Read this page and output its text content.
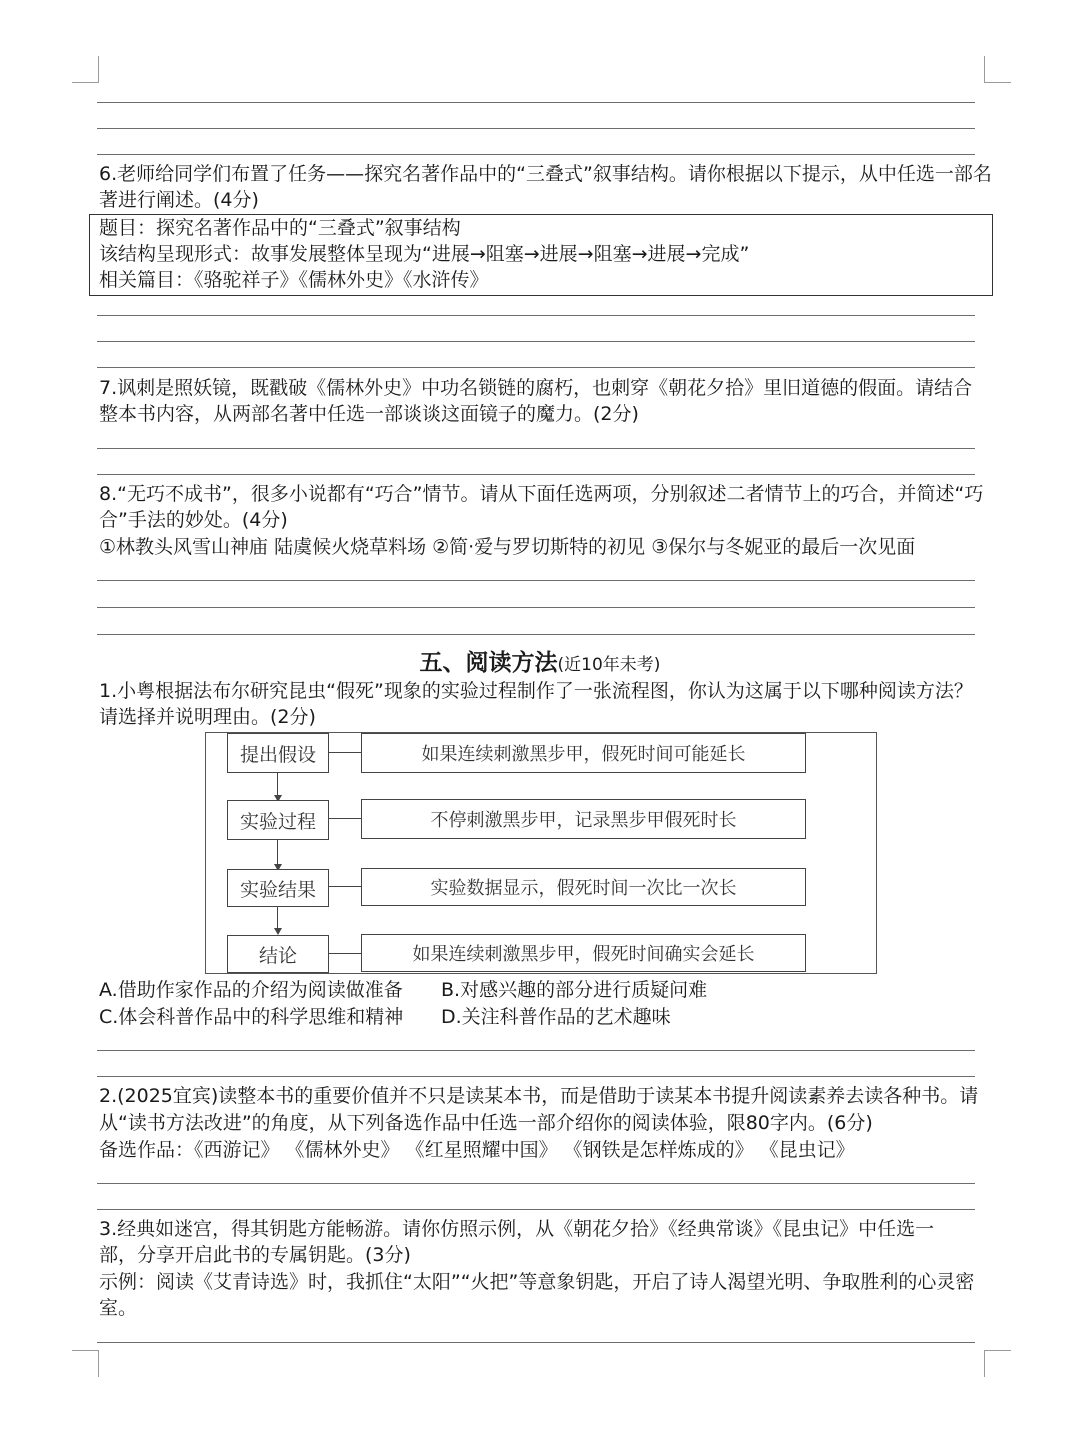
6.老师给同学们布置了任务——探究名著作品中的“三叠式”叙事结构。请你根据以下提示，从中任选一部名
著进行阐述。(4分)
题目：探究名著作品中的“三叠式”叙事结构
该结构呈现形式：故事发展整体呈现为“进展→阻塞→进展→阻塞→进展→完成”
相关篇目：《骆驼祥子》《儒林外史》《水浒传》
7.讽刺是照妖镜，既戳破《儒林外史》中功名锁链的腐朽，也刺穿《朝花夕拾》里旧道德的假面。请结合
整本书内容，从两部名著中任选一部谈谈这面镜子的魔力。(2分)
8.“无巧不成书”，很多小说都有“巧合”情节。请从下面任选两项，分别叙述二者情节上的巧合，并简述“巧
合”手法的妙处。(4分)
①林教头风雪山神庙 陆虞候火烧草料场 ②简·爱与罗切斯特的初见 ③保尔与冬妮亚的最后一次见面
五、阅读方法(近10年未考)
1.小粤根据法布尔研究昆虫“假死”现象的实验过程制作了一张流程图，你认为这属于以下哪种阅读方法？
请选择并说明理由。(2分)
提出假设	如果连续刺激黑步甲，假死时间可能延长
实验过程	不停刺激黑步甲，记录黑步甲假死时长
实验结果	实验数据显示，假死时间一次比一次长
结论	如果连续刺激黑步甲，假死时间确实会延长
A.借助作家作品的介绍为阅读做准备 B.对感兴趣的部分进行质疑问难
C.体会科普作品中的科学思维和精神 D.关注科普作品的艺术趣味
2.(2025宜宾)读整本书的重要价值并不只是读某本书，而是借助于读某本书提升阅读素养去读各种书。请
从“读书方法改进”的角度，从下列备选作品中任选一部介绍你的阅读体验，限80字内。(6分)
备选作品：《西游记》 《儒林外史》 《红星照耀中国》 《钢铁是怎样炼成的》 《昆虫记》
3.经典如迷宫，得其钥匙方能畅游。请你仿照示例，从《朝花夕拾》《经典常谈》《昆虫记》中任选一
部，分享开启此书的专属钥匙。(3分)
示例：阅读《艾青诗选》时，我抓住“太阳”“火把”等意象钥匙，开启了诗人渴望光明、争取胜利的心灵密
室。
